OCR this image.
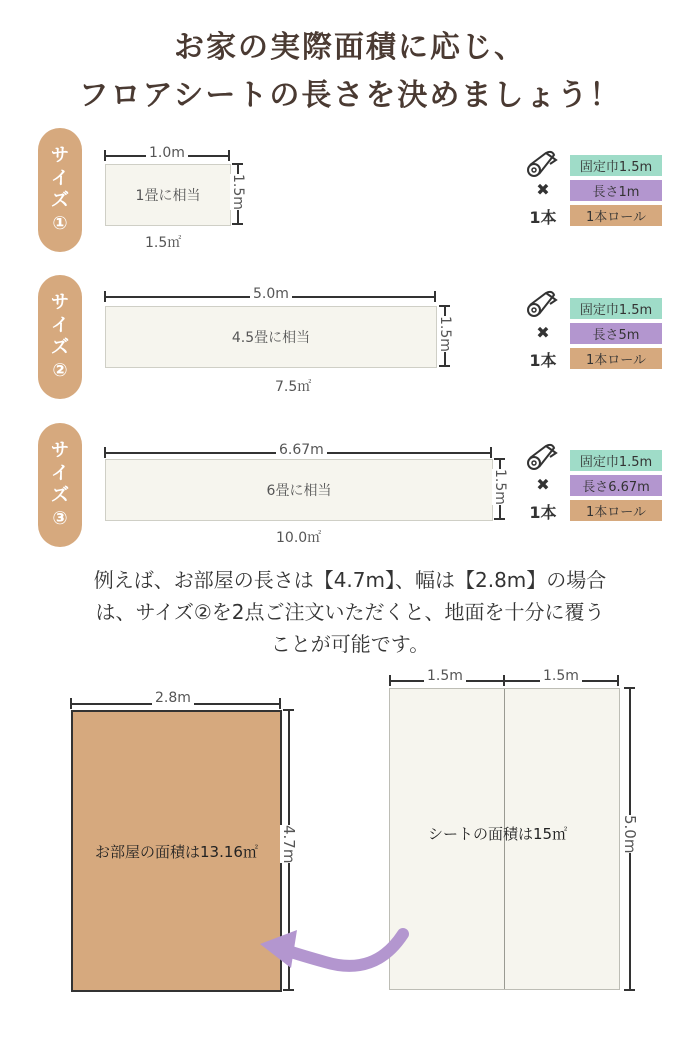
お家の実際面積に応じ、
フロアシートの長さを決めましょう！
サ
イ
ズ
①
1.0m
1畳に相当 1.5m
1.5㎡
✖
1本
固定巾1.5m
長さ1m
1本ロール
サ
イ
ズ
②
5.0m
4.5畳に相当	1.5m
7.5㎡
✖
1本
固定巾1.5m
長さ5m
1本ロール
サ
イ
ズ
③
6.67m
6畳に相当	1.5m
10.0㎡
✖
1本
固定巾1.5m
長さ6.67m
1本ロール
例えば、お部屋の長さは【4.7m】、幅は【2.8m】の場合
は、サイズ②を2点ご注文いただくと、地面を十分に覆う
ことが可能です。
2.8m
お部屋の面積は13.16㎡ 4.7m
1.5m	1.5m
シートの面積は15㎡	5.0m
